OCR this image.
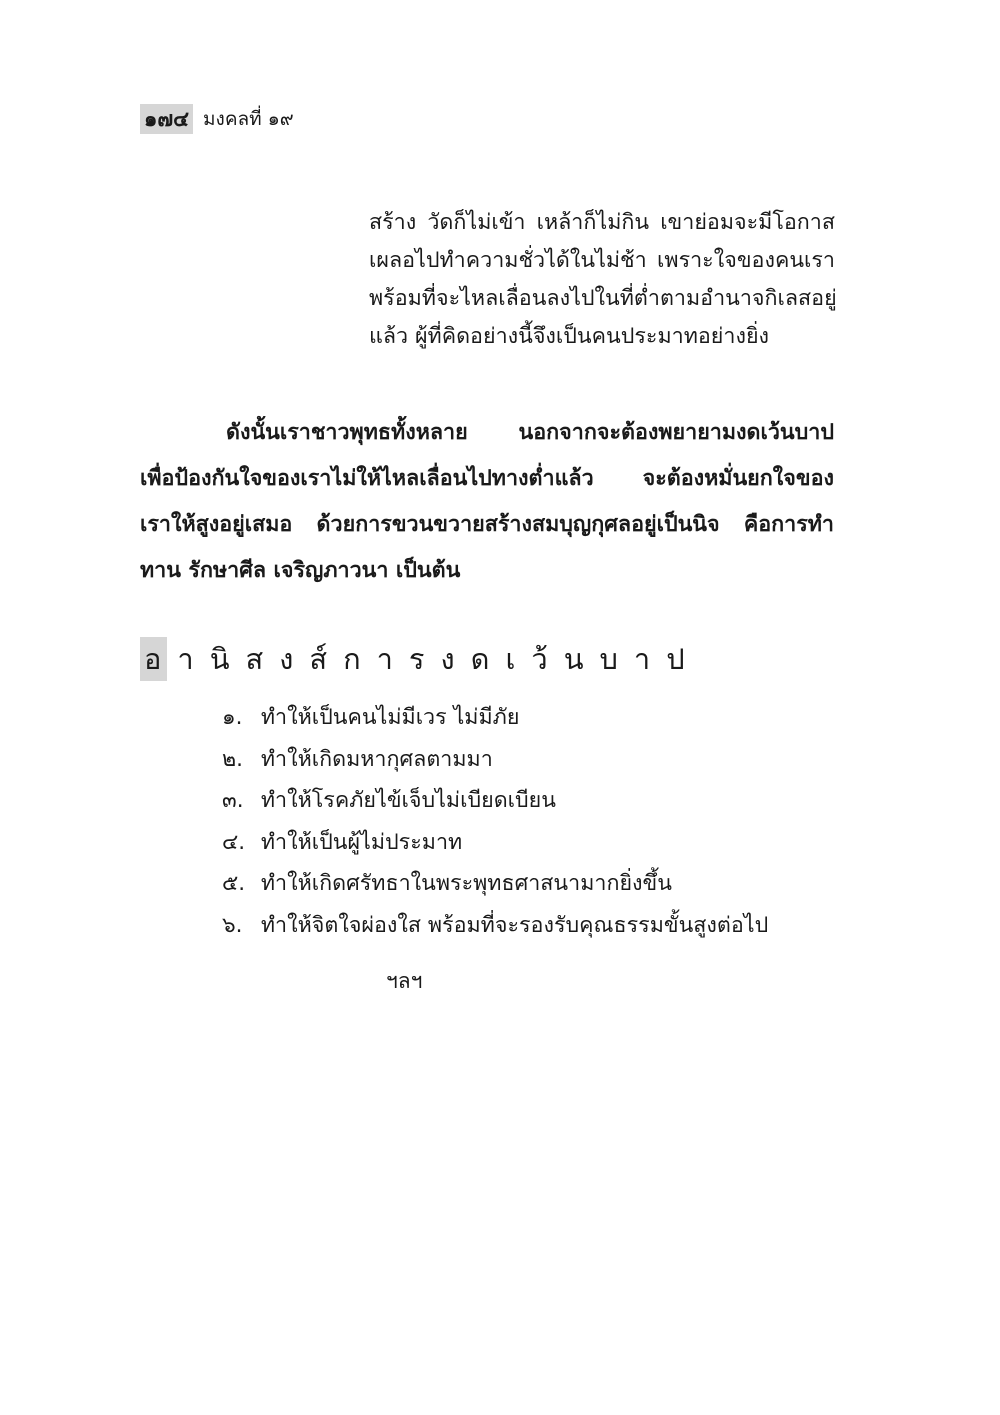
๑๗๔ มงคลที่ ๑๙
สร้าง วัดก็ไม่เข้า เหล้าก็ไม่กิน เขาย่อมจะมีโอกาส
เผลอไปทำความชั่วได้ในไม่ช้า เพราะใจของคนเรา
พร้อมที่จะไหลเลื่อนลงไปในที่ต่ำตามอำนาจกิเลสอยู่
แล้ว ผู้ที่คิดอย่างนี้จึงเป็นคนประมาทอย่างยิ่ง
ดังนั้นเราชาวพุทธทั้งหลาย นอกจากจะต้องพยายามงดเว้นบาป
เพื่อป้องกันใจของเราไม่ให้ไหลเลื่อนไปทางต่ำแล้ว จะต้องหมั่นยกใจของ
เราให้สูงอยู่เสมอ ด้วยการขวนขวายสร้างสมบุญกุศลอยู่เป็นนิจ คือการทำ
ทาน รักษาศีล เจริญภาวนา เป็นต้น
อานิสงส์การงดเว้นบาป
๑. ทำให้เป็นคนไม่มีเวร ไม่มีภัย
๒. ทำให้เกิดมหากุศลตามมา
๓. ทำให้โรคภัยไข้เจ็บไม่เบียดเบียน
๔. ทำให้เป็นผู้ไม่ประมาท
๕. ทำให้เกิดศรัทธาในพระพุทธศาสนามากยิ่งขึ้น
๖. ทำให้จิตใจผ่องใส พร้อมที่จะรองรับคุณธรรมขั้นสูงต่อไป
ฯลฯ
